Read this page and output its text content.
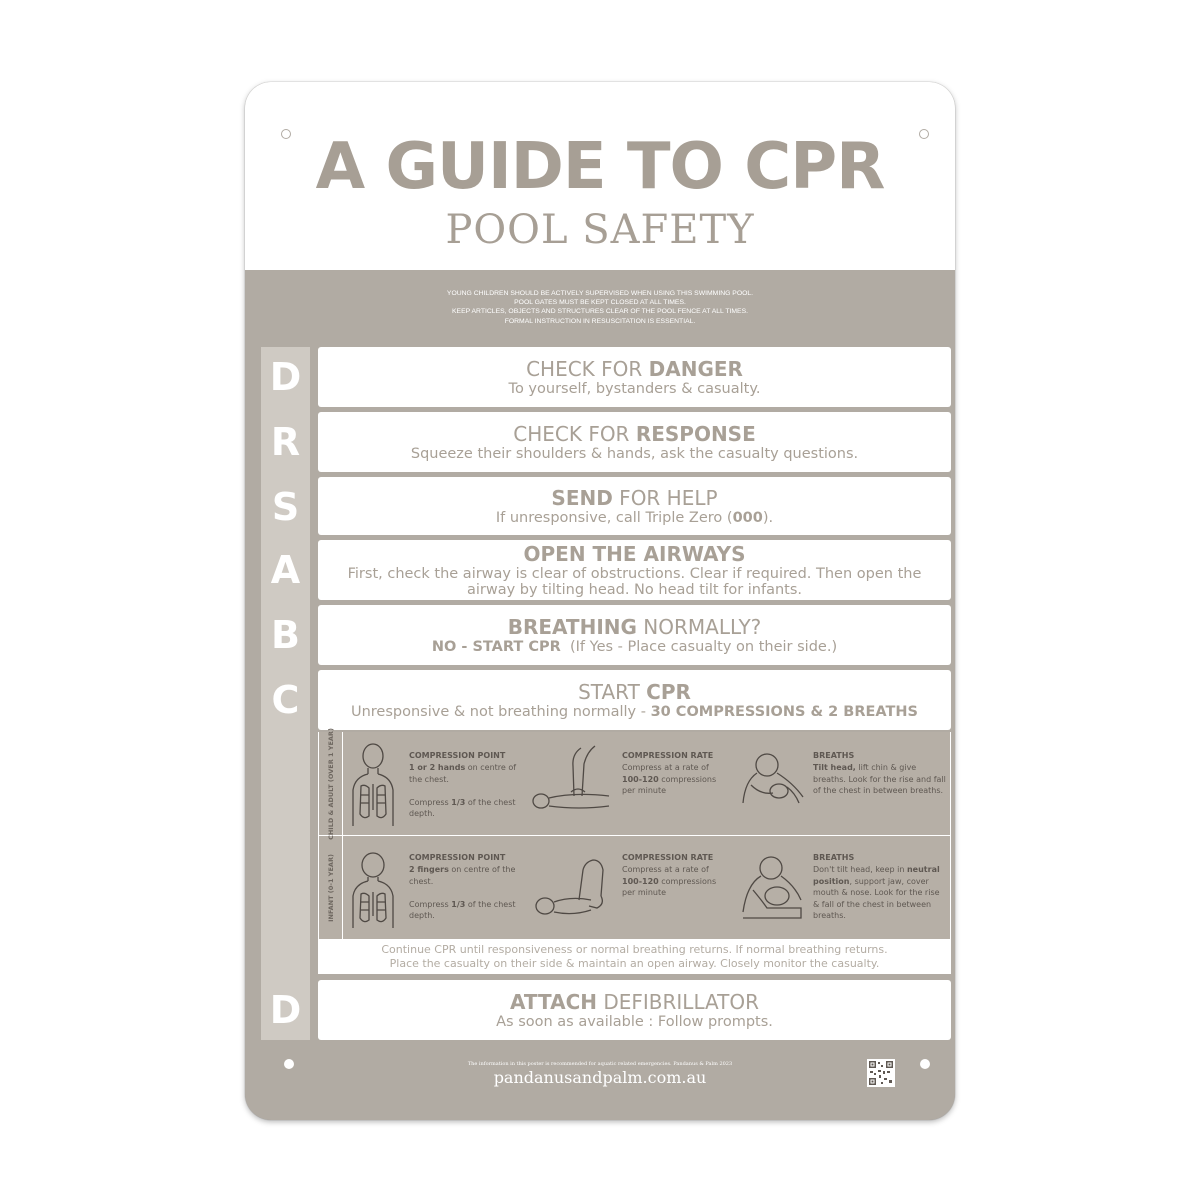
A GUIDE TO CPR
POOL SAFETY
YOUNG CHILDREN SHOULD BE ACTIVELY SUPERVISED WHEN USING THIS SWIMMING POOL.
POOL GATES MUST BE KEPT CLOSED AT ALL TIMES.
KEEP ARTICLES, OBJECTS AND STRUCTURES CLEAR OF THE POOL FENCE AT ALL TIMES.
FORMAL INSTRUCTION IN RESUSCITATION IS ESSENTIAL.
D
R
S
A
B
C
D
CHECK FOR DANGER
To yourself, bystanders & casualty.
CHECK FOR RESPONSE
Squeeze their shoulders & hands, ask the casualty questions.
SEND FOR HELP
If unresponsive, call Triple Zero (000).
OPEN THE AIRWAYS
First, check the airway is clear of obstructions. Clear if required. Then open the airway by tilting head. No head tilt for infants.
BREATHING NORMALLY?
NO - START CPR  (If Yes - Place casualty on their side.)
START CPR
Unresponsive & not breathing normally - 30 COMPRESSIONS & 2 BREATHS
CHILD & ADULT (OVER 1 YEAR)
INFANT (0-1 YEAR)
COMPRESSION POINT
1 or 2 hands on centre of the chest.

Compress 1/3 of the chest depth.
COMPRESSION RATE
Compress at a rate of
100-120 compressions per minute
BREATHS
Tilt head, lift chin & give breaths. Look for the rise and fall of the chest in between breaths.
COMPRESSION POINT
2 fingers on centre of the chest.

Compress 1/3 of the chest depth.
COMPRESSION RATE
Compress at a rate of
100-120 compressions per minute
BREATHS
Don't tilt head, keep in neutral position, support jaw, cover mouth & nose. Look for the rise & fall of the chest in between breaths.
Continue CPR until responsiveness or normal breathing returns. If normal breathing returns.
Place the casualty on their side & maintain an open airway. Closely monitor the casualty.
ATTACH DEFIBRILLATOR
As soon as available : Follow prompts.
The information in this poster is recommended for aquatic related emergencies. Pandanus & Palm 2023
pandanusandpalm.com.au
